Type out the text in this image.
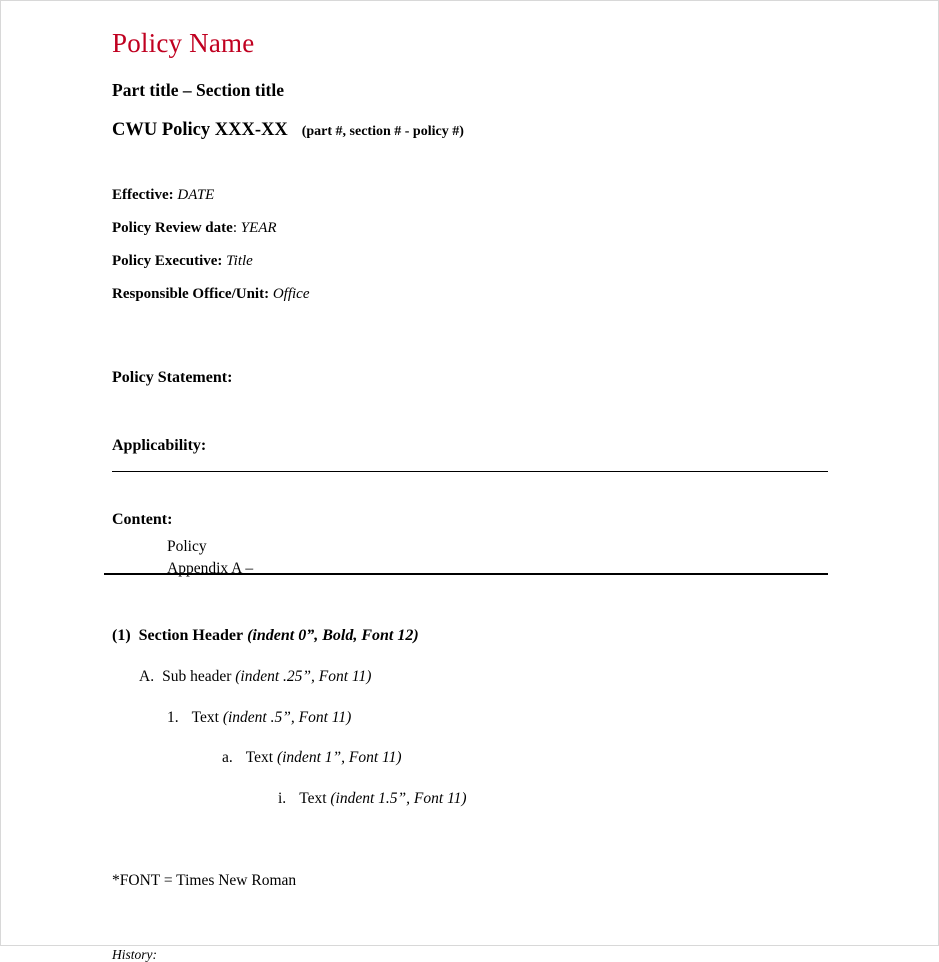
Policy Name
Part title – Section title
CWU Policy XXX-XX (part #, section # - policy #)
Effective: DATE
Policy Review date: YEAR
Policy Executive: Title
Responsible Office/Unit: Office
Policy Statement:
Applicability:
Content:
Policy
Appendix A –
(1) Section Header (indent 0”, Bold, Font 12)
A. Sub header (indent .25”, Font 11)
1. Text (indent .5”, Font 11)
a. Text (indent 1”, Font 11)
i. Text (indent 1.5”, Font 11)
*FONT = Times New Roman
History:
